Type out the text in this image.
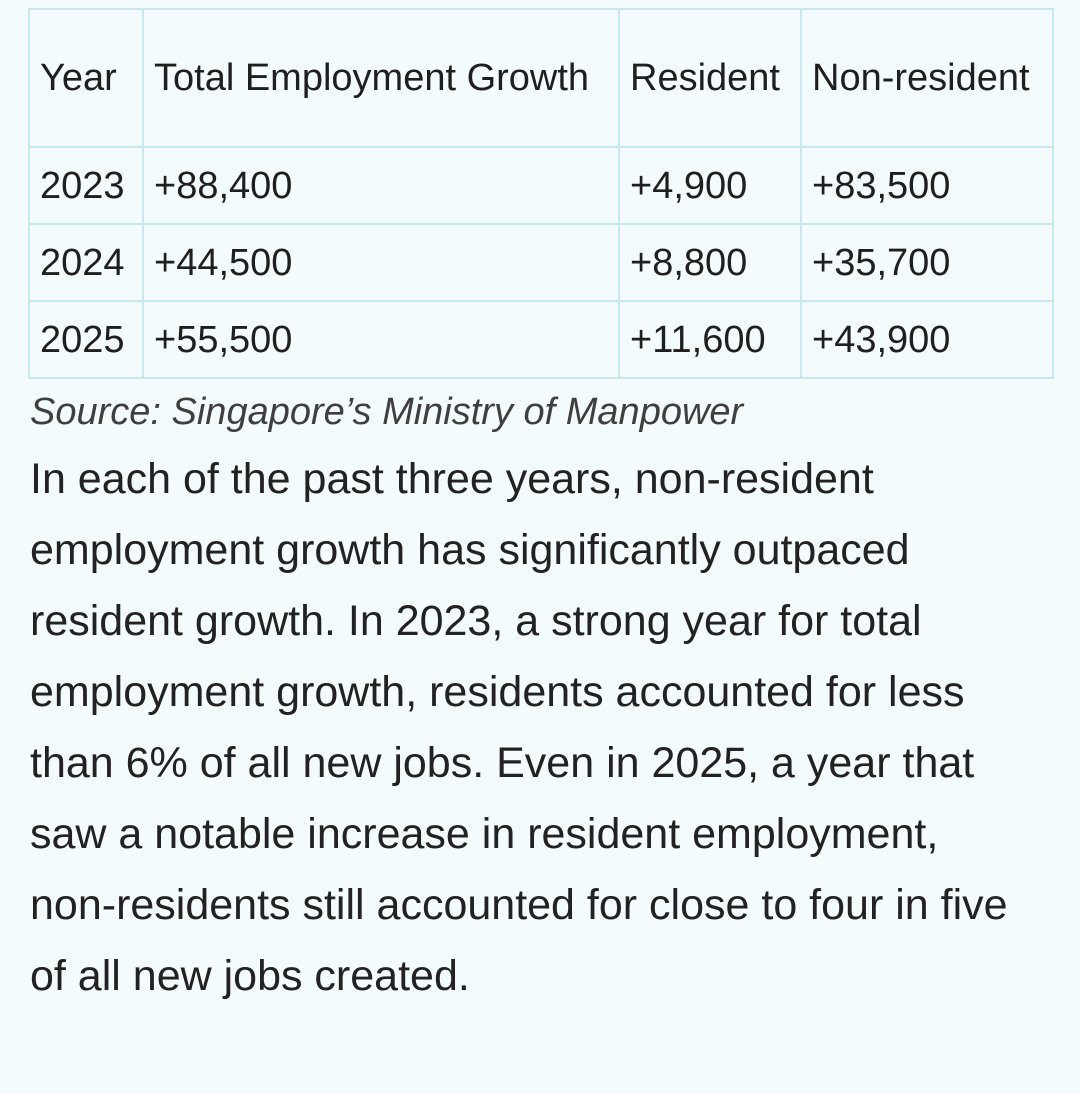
Year	Total Employment Growth	Resident	Non-resident
2023	+88,400	+4,900	+83,500
2024	+44,500	+8,800	+35,700
2025	+55,500	+11,600	+43,900
Source: Singapore’s Ministry of Manpower

In each of the past three years, non-resident employment growth has significantly outpaced resident growth. In 2023, a strong year for total employment growth, residents accounted for less than 6% of all new jobs. Even in 2025, a year that saw a notable increase in resident employment, non-residents still accounted for close to four in five of all new jobs created.
